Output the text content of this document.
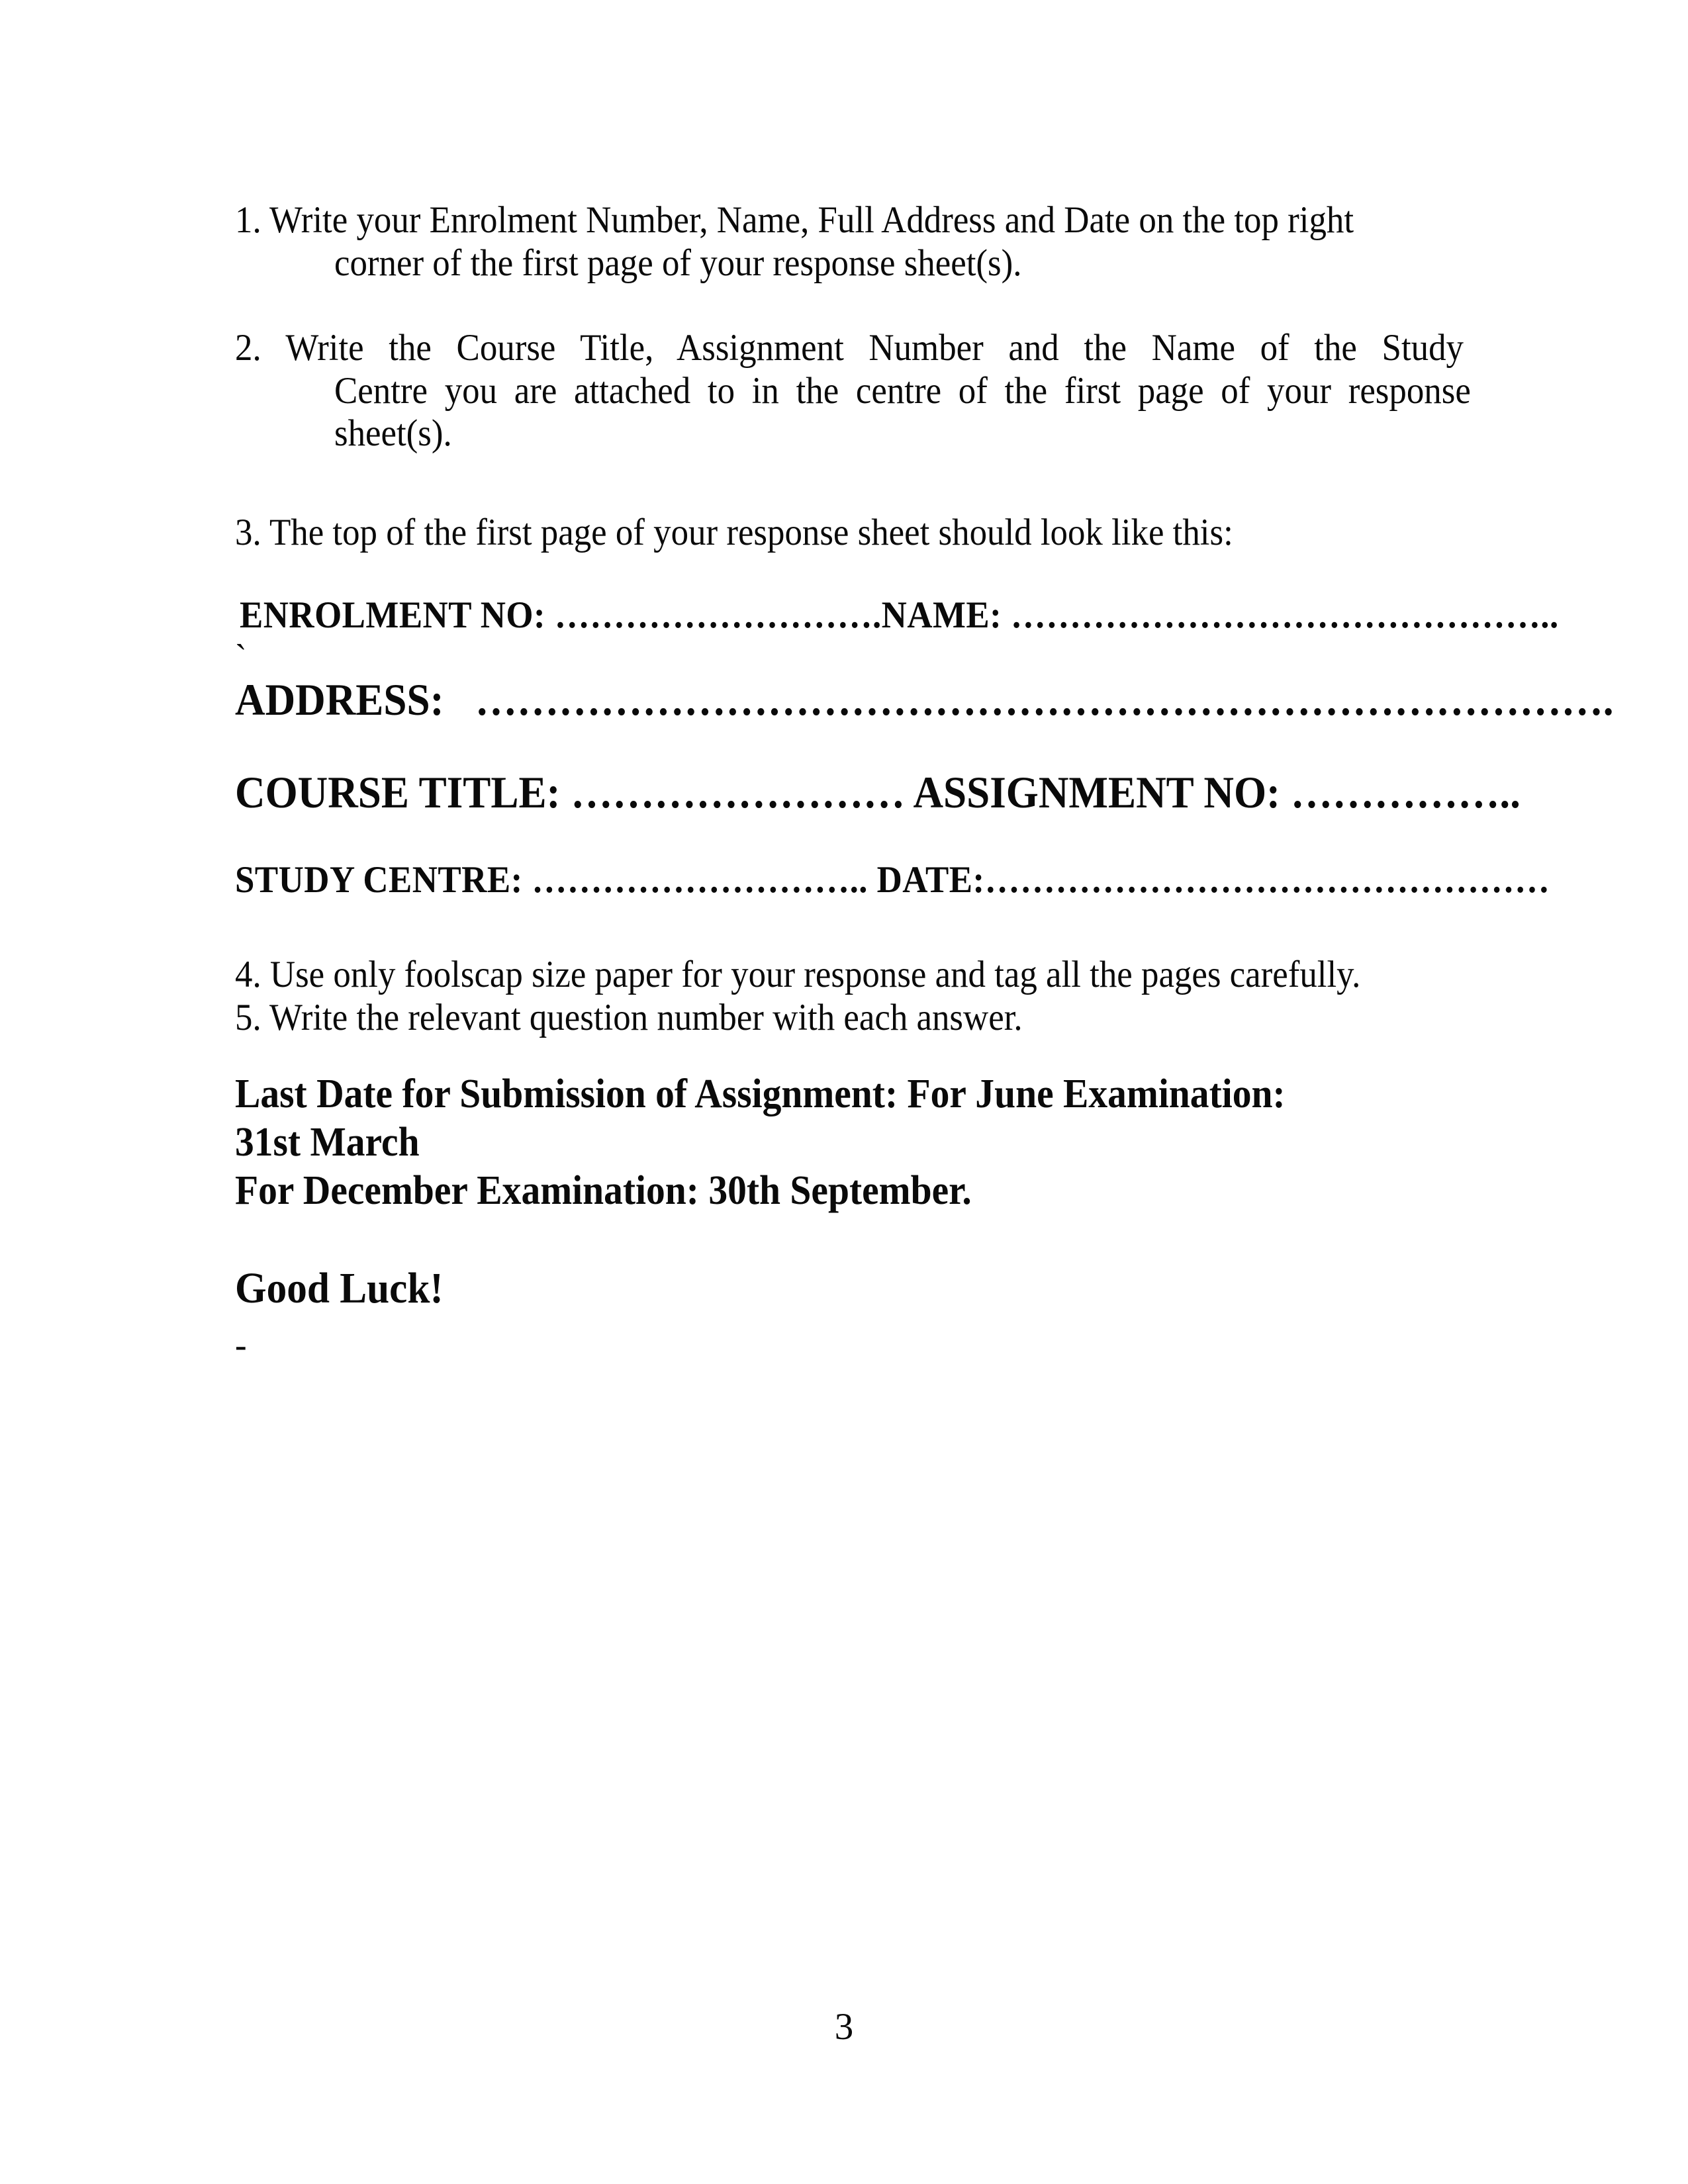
1. Write your Enrolment Number, Name, Full Address and Date on the top right
corner of the first page of your response sheet(s).
2. Write the Course Title, Assignment Number and the Name of the Study
Centre you are attached to in the centre of the first page of your response
sheet(s).
3. The top of the first page of your response sheet should look like this:
ENROLMENT NO: ……………………….NAME: ………………………………………..
`
ADDRESS:   ……………………………………………………………………….
COURSE TITLE: …………………… ASSIGNMENT NO: ……………..
STUDY CENTRE: ……………………….. DATE:…………………………………………
4. Use only foolscap size paper for your response and tag all the pages carefully.
5. Write the relevant question number with each answer.
Last Date for Submission of Assignment: For June Examination:
31st March
For December Examination: 30th September.
Good Luck!
-
3
